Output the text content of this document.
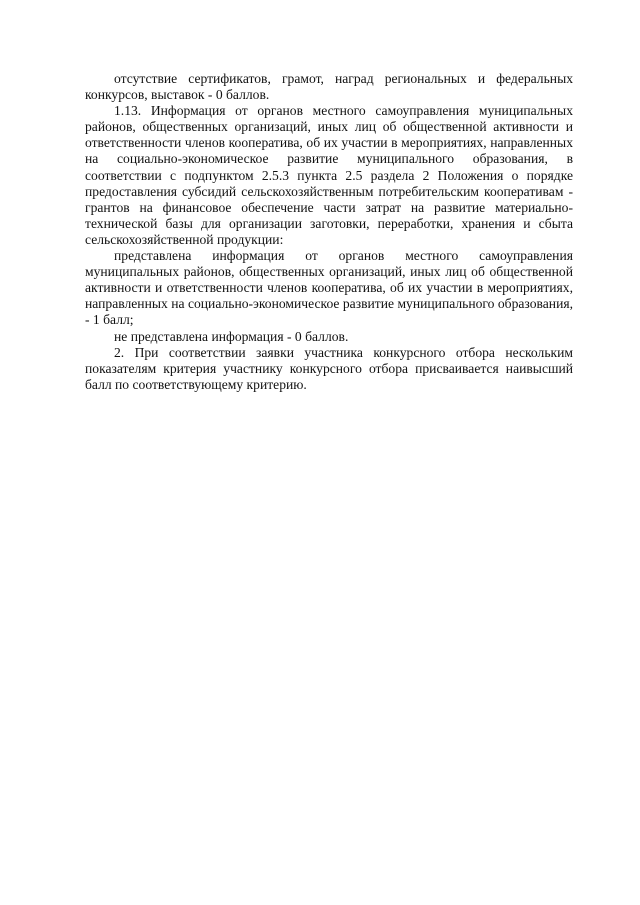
отсутствие сертификатов, грамот, наград региональных и федеральных конкурсов, выставок - 0 баллов.

1.13. Информация от органов местного самоуправления муниципальных районов, общественных организаций, иных лиц об общественной активности и ответственности членов кооператива, об их участии в мероприятиях, направленных на социально-экономическое развитие муниципального образования, в соответствии с подпунктом 2.5.3 пункта 2.5 раздела 2 Положения о порядке предоставления субсидий сельскохозяйственным потребительским кооперативам - грантов на финансовое обеспечение части затрат на развитие материально-технической базы для организации заготовки, переработки, хранения и сбыта сельскохозяйственной продукции:

представлена информация от органов местного самоуправления муниципальных районов, общественных организаций, иных лиц об общественной активности и ответственности членов кооператива, об их участии в мероприятиях, направленных на социально-экономическое развитие муниципального образования, - 1 балл;

не представлена информация - 0 баллов.

2. При соответствии заявки участника конкурсного отбора нескольким показателям критерия участнику конкурсного отбора присваивается наивысший балл по соответствующему критерию.
